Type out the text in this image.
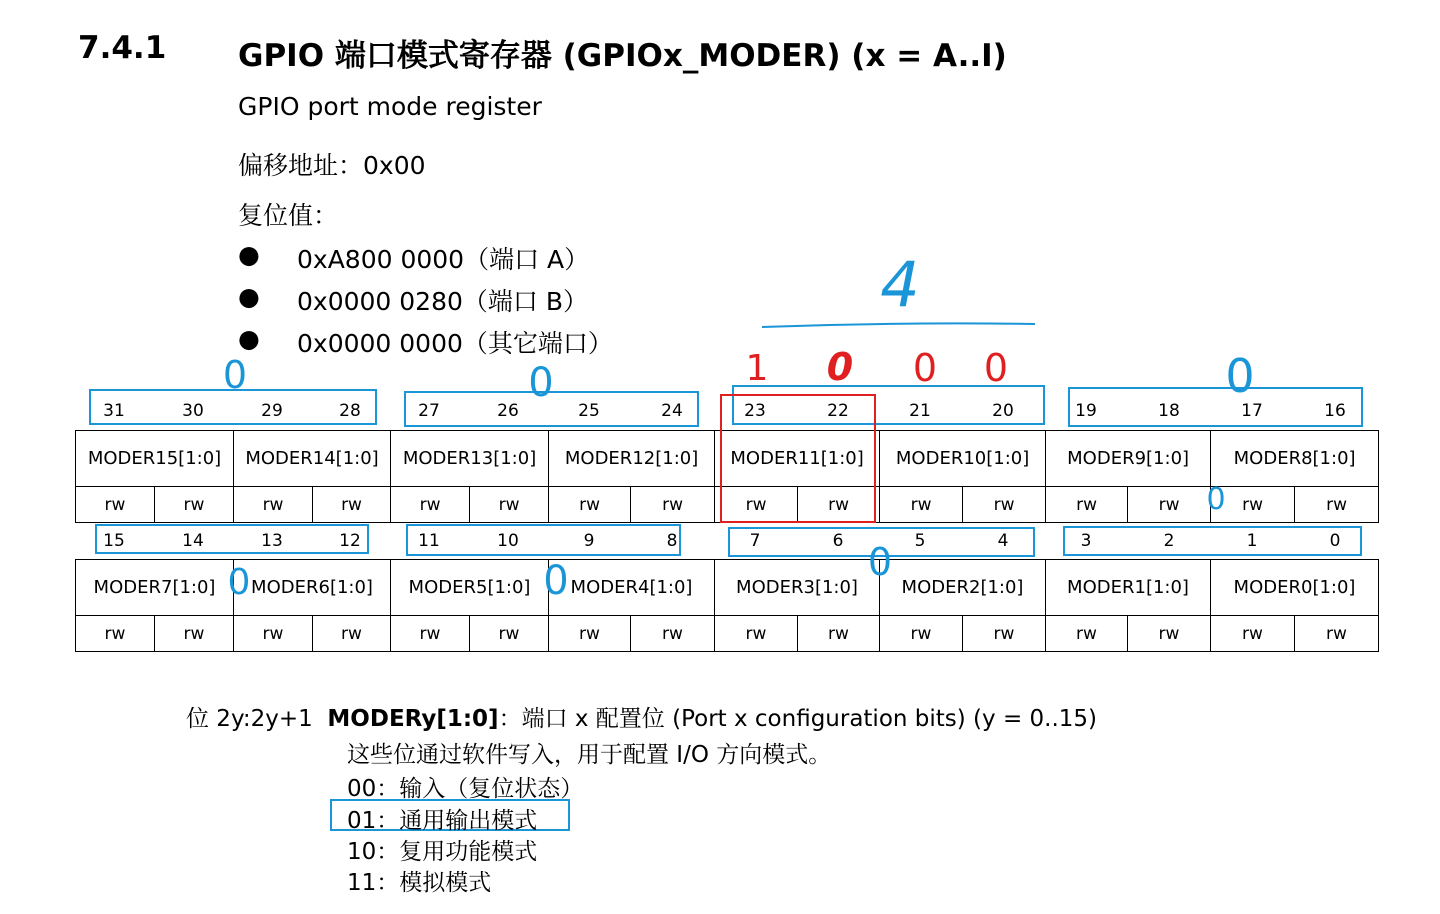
7.4.1 GPIO 端口模式寄存器 (GPIOx_MODER) (x = A..I)
GPIO port mode register
偏移地址：0x00
复位值：
● 0xA800 0000（端口 A）
● 0x0000 0280（端口 B）
● 0x0000 0000（其它端口）
31	30	29	28	27	26	25	24	23	22	21	20	19	18	17	16
MODER15[1:0]		MODER14[1:0]		MODER13[1:0]		MODER12[1:0]		MODER11[1:0]		MODER10[1:0]		MODER9[1:0]		MODER8[1:0]	
rw	rw	rw	rw	rw	rw	rw	rw	rw	rw	rw	rw	rw	rw	rw	rw
15	14	13	12	11	10	9	8	7	6	5	4	3	2	1	0
MODER7[1:0]		MODER6[1:0]		MODER5[1:0]		MODER4[1:0]		MODER3[1:0]		MODER2[1:0]		MODER1[1:0]		MODER0[1:0]	
rw	rw	rw	rw	rw	rw	rw	rw	rw	rw	rw	rw	rw	rw	rw	rw
4
0	0	0
0
0	0	0
1 0 0 0
位 2y:2y+1 MODERy[1:0]：端口 x 配置位 (Port x configuration bits) (y = 0..15)
这些位通过软件写入，用于配置 I/O 方向模式。
00：输入（复位状态）
01：通用输出模式
10：复用功能模式
11：模拟模式
